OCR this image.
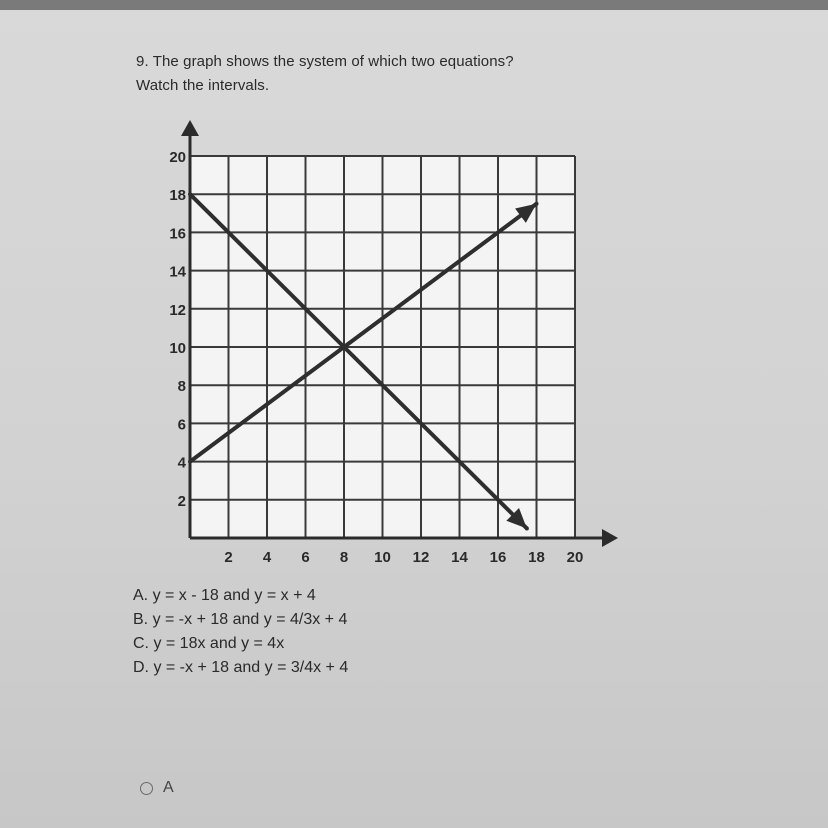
9. The graph shows the system of which two equations?
Watch the intervals.
2
4
6
8
10
12
14
16
18
20
2 4 6 8 10 12 14 16 18 20
A. y = x - 18 and y = x + 4
B. y = -x + 18 and y = 4/3x + 4
C. y = 18x and y = 4x
D. y = -x + 18 and y = 3/4x + 4
A
